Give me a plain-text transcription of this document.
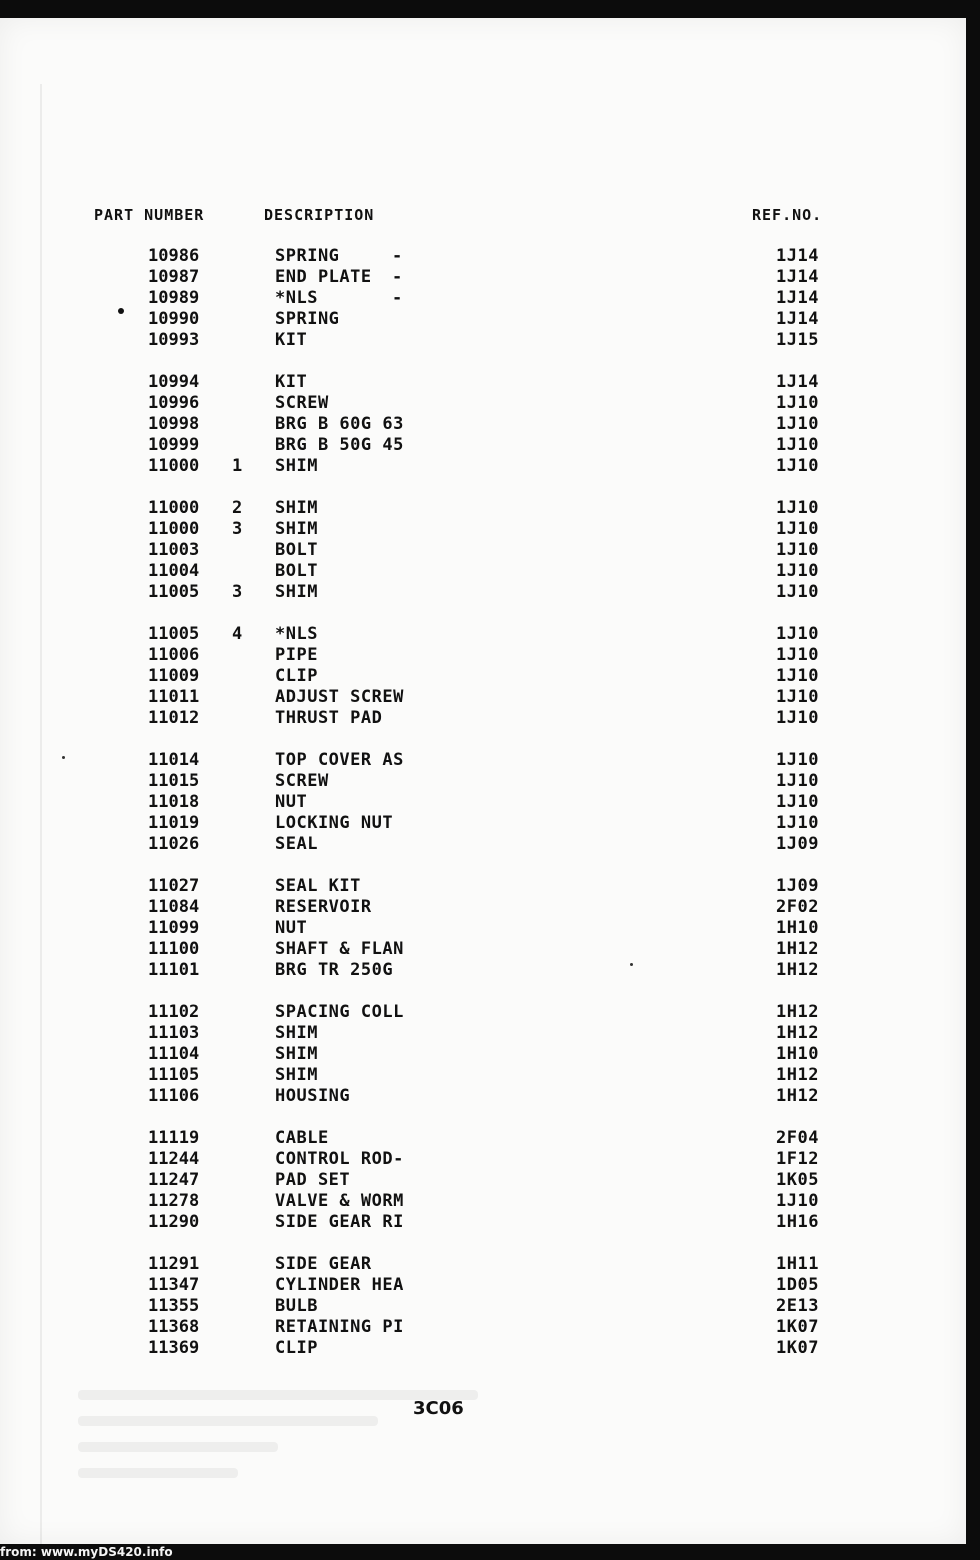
PART NUMBER	DESCRIPTION	REF.NO.
10986	SPRING	-	1J14
10987	END PLATE	-	1J14
10989	*NLS	-	1J14
10990	SPRING	1J14
10993	KIT	1J15
10994	KIT	1J14
10996	SCREW	1J10
10998	BRG B 60G 63	1J10
10999	BRG B 50G 45	1J10
11000	1	SHIM	1J10
11000	2	SHIM	1J10
11000	3	SHIM	1J10
11003	BOLT	1J10
11004	BOLT	1J10
11005	3	SHIM	1J10
11005	4	*NLS	1J10
11006	PIPE	1J10
11009	CLIP	1J10
11011	ADJUST SCREW	1J10
11012	THRUST PAD	1J10
11014	TOP COVER AS	1J10
11015	SCREW	1J10
11018	NUT	1J10
11019	LOCKING NUT	1J10
11026	SEAL	1J09
11027	SEAL KIT	1J09
11084	RESERVOIR	2F02
11099	NUT	1H10
11100	SHAFT & FLAN	1H12
11101	BRG TR 250G	1H12
11102	SPACING COLL	1H12
11103	SHIM	1H12
11104	SHIM	1H10
11105	SHIM	1H12
11106	HOUSING	1H12
11119	CABLE	2F04
11244	CONTROL ROD-	1F12
11247	PAD SET	1K05
11278	VALVE & WORM	1J10
11290	SIDE GEAR RI	1H16
11291	SIDE GEAR	1H11
11347	CYLINDER HEA	1D05
11355	BULB	2E13
11368	RETAINING PI	1K07
11369	CLIP	1K07
3C06
from: www.myDS420.info
